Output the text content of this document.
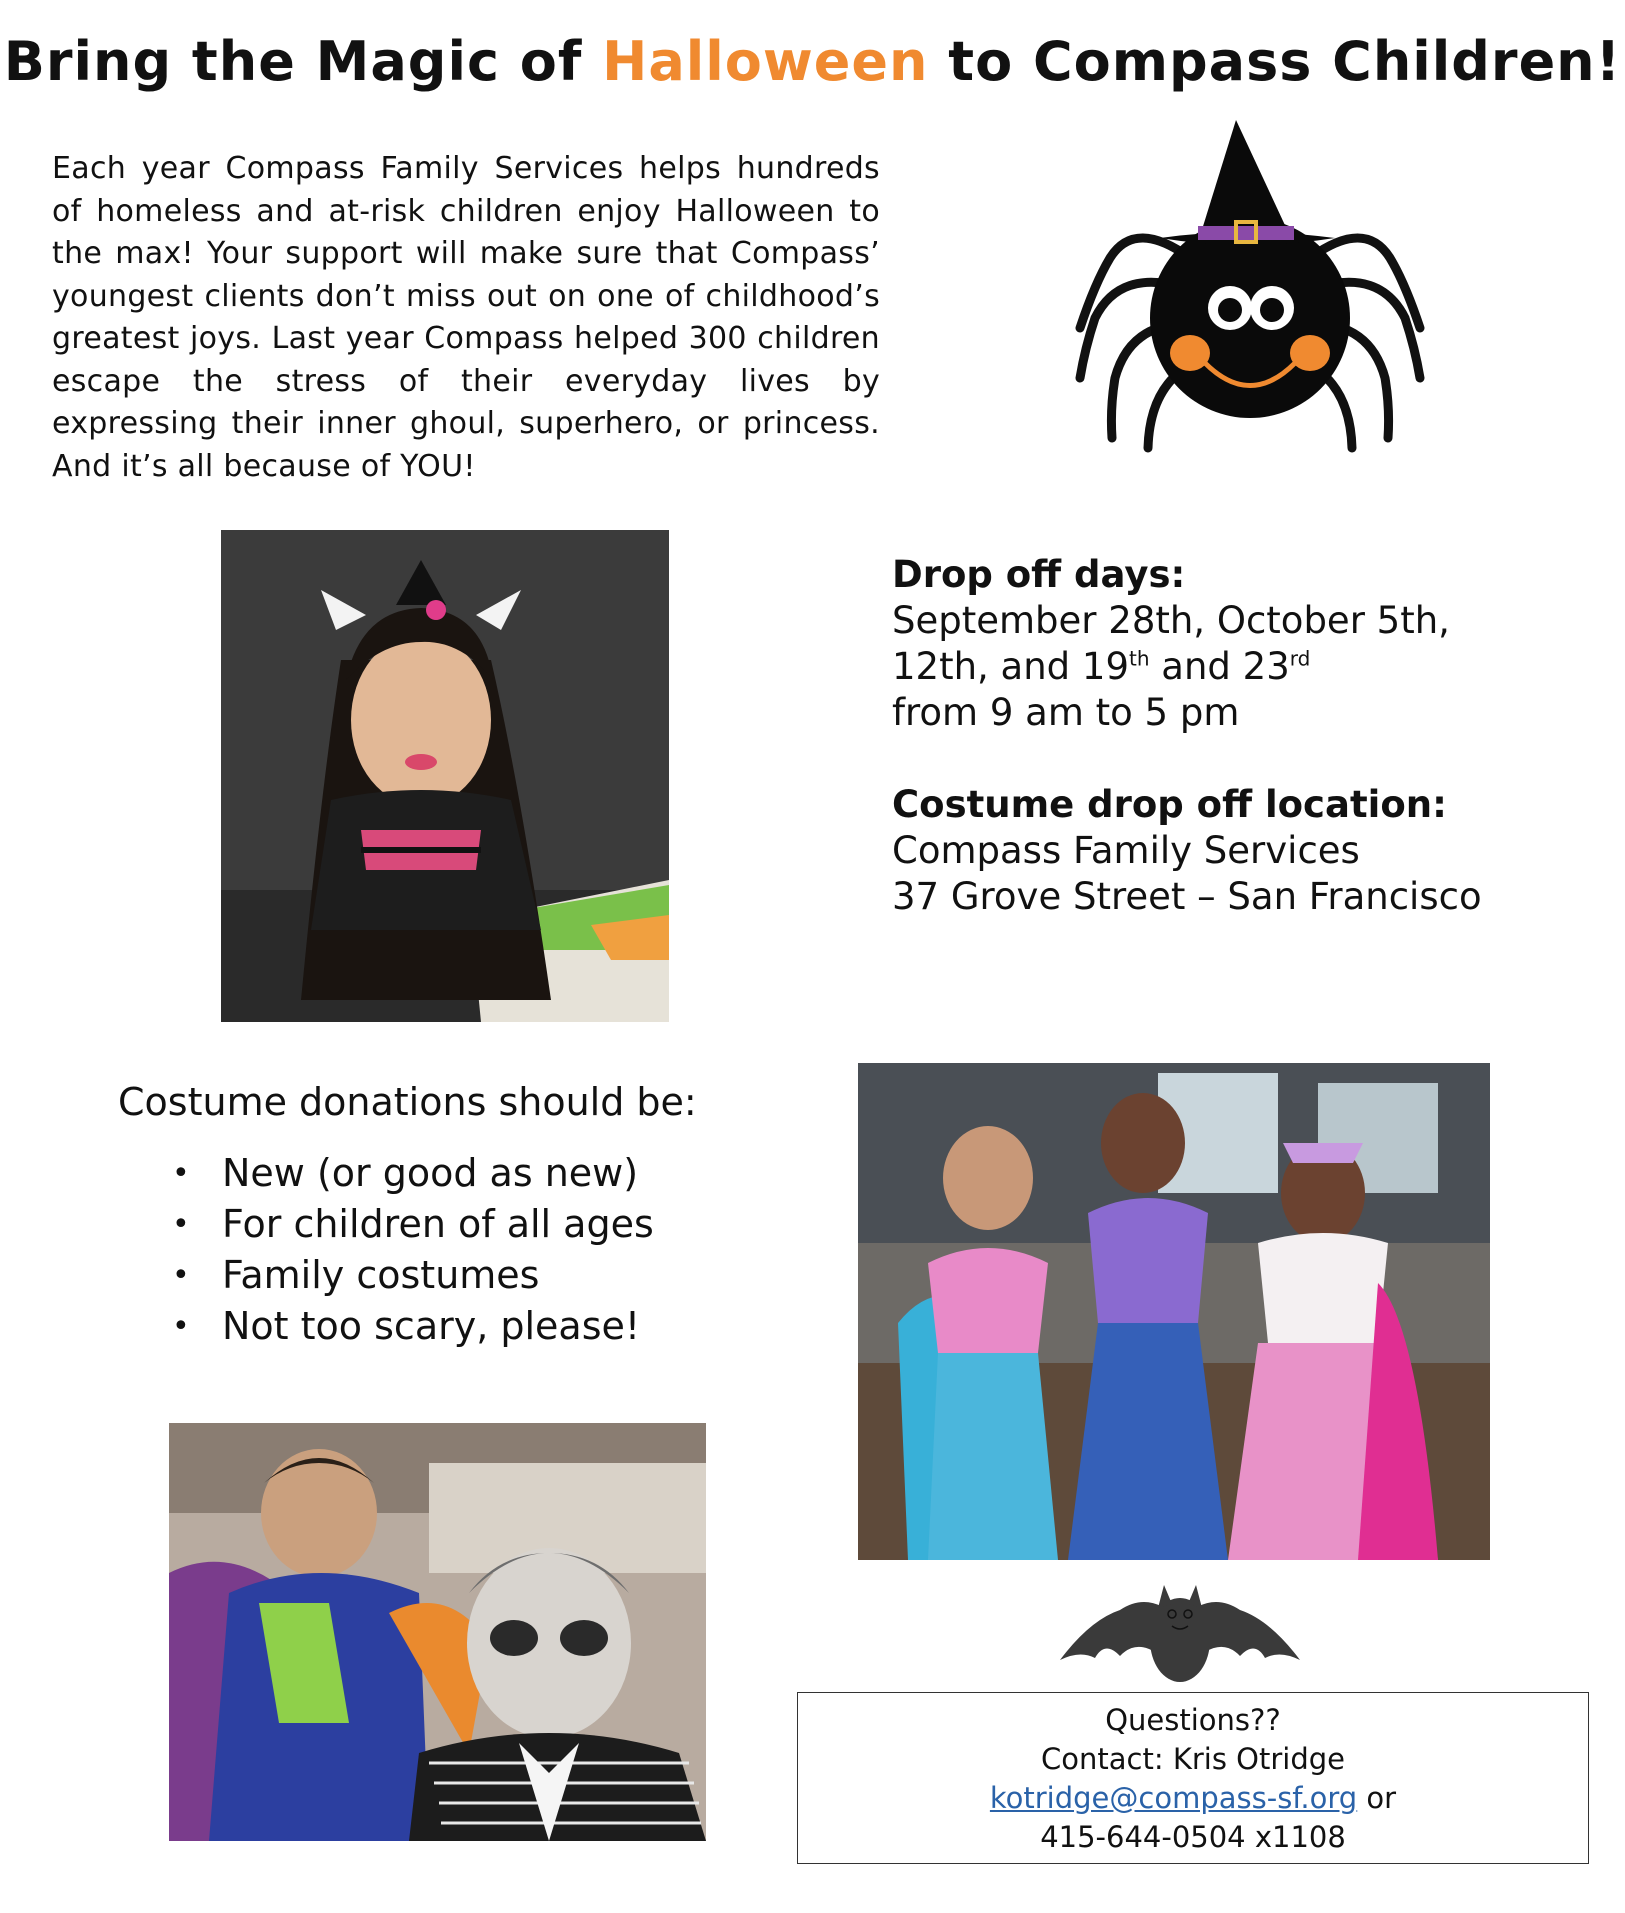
Bring the Magic of Halloween to Compass Children!

Each year Compass Family Services helps hundreds of homeless and at-risk children enjoy Halloween to the max! Your support will make sure that Compass’ youngest clients don’t miss out on one of childhood’s greatest joys. Last year Compass helped 300 children escape the stress of their everyday lives by expressing their inner ghoul, superhero, or princess. And it’s all because of YOU!

Drop off days:
September 28th, October 5th,
12th, and 19th and 23rd
from 9 am to 5 pm
Costume drop off location:
Compass Family Services
37 Grove Street – San Francisco
Costume donations should be:
• New (or good as new)
• For children of all ages
• Family costumes
• Not too scary, please!
Questions??
Contact: Kris Otridge
kotridge@compass-sf.org or
415-644-0504 x1108
